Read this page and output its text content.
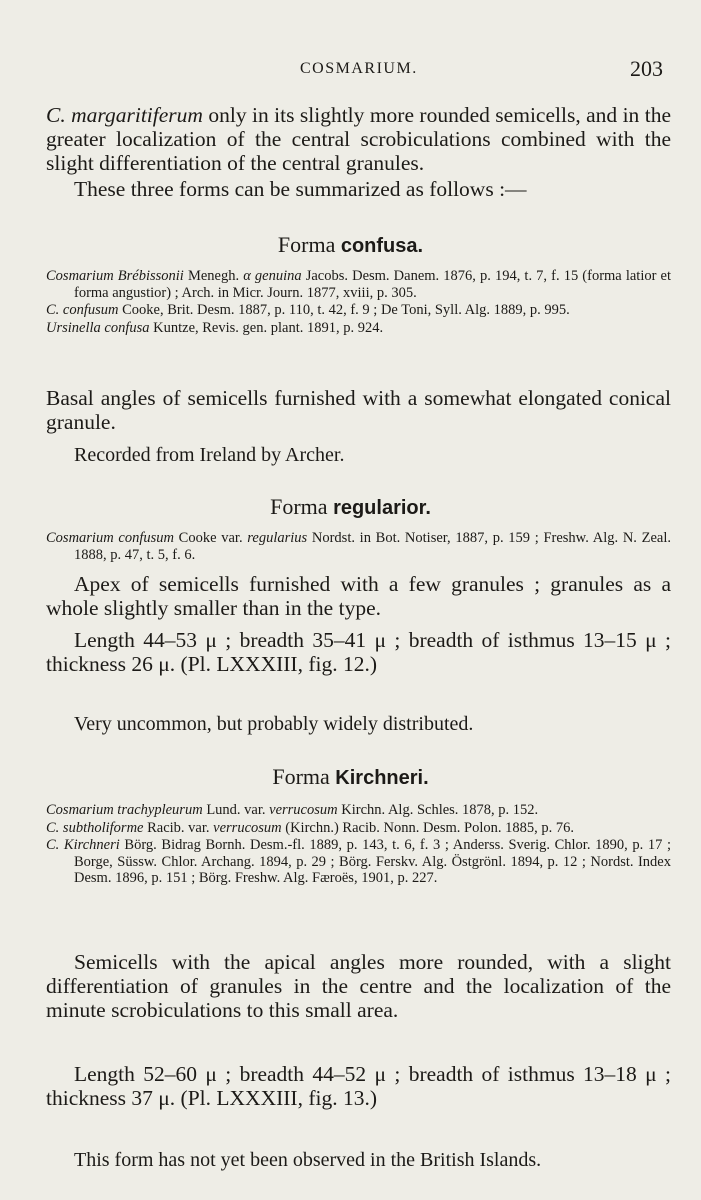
COSMARIUM.	203

C. margaritiferum only in its slightly more rounded semicells, and in the greater localization of the central scrobiculations combined with the slight differentiation of the central granules.

These three forms can be summarized as follows :—

Forma confusa.

Cosmarium Brébissonii Menegh. α genuina Jacobs. Desm. Danem. 1876, p. 194, t. 7, f. 15 (forma latior et forma angustior) ; Arch. in Micr. Journ. 1877, xviii, p. 305.

C. confusum Cooke, Brit. Desm. 1887, p. 110, t. 42, f. 9 ; De Toni, Syll. Alg. 1889, p. 995.

Ursinella confusa Kuntze, Revis. gen. plant. 1891, p. 924.

Basal angles of semicells furnished with a somewhat elongated conical granule.

Recorded from Ireland by Archer.

Forma regularior.

Cosmarium confusum Cooke var. regularius Nordst. in Bot. Notiser, 1887, p. 159 ; Freshw. Alg. N. Zeal. 1888, p. 47, t. 5, f. 6.

Apex of semicells furnished with a few granules ; granules as a whole slightly smaller than in the type.

Length 44–53 μ ; breadth 35–41 μ ; breadth of isthmus 13–15 μ ; thickness 26 μ. (Pl. LXXXIII, fig. 12.)

Very uncommon, but probably widely distributed.

Forma Kirchneri.

Cosmarium trachypleurum Lund. var. verrucosum Kirchn. Alg. Schles. 1878, p. 152.

C. subtholiforme Racib. var. verrucosum (Kirchn.) Racib. Nonn. Desm. Polon. 1885, p. 76.

C. Kirchneri Börg. Bidrag Bornh. Desm.-fl. 1889, p. 143, t. 6, f. 3 ; Anderss. Sverig. Chlor. 1890, p. 17 ; Borge, Süssw. Chlor. Archang. 1894, p. 29 ; Börg. Ferskv. Alg. Östgrönl. 1894, p. 12 ; Nordst. Index Desm. 1896, p. 151 ; Börg. Freshw. Alg. Færoës, 1901, p. 227.

Semicells with the apical angles more rounded, with a slight differentiation of granules in the centre and the localization of the minute scrobiculations to this small area.

Length 52–60 μ ; breadth 44–52 μ ; breadth of isthmus 13–18 μ ; thickness 37 μ. (Pl. LXXXIII, fig. 13.)

This form has not yet been observed in the British Islands.
